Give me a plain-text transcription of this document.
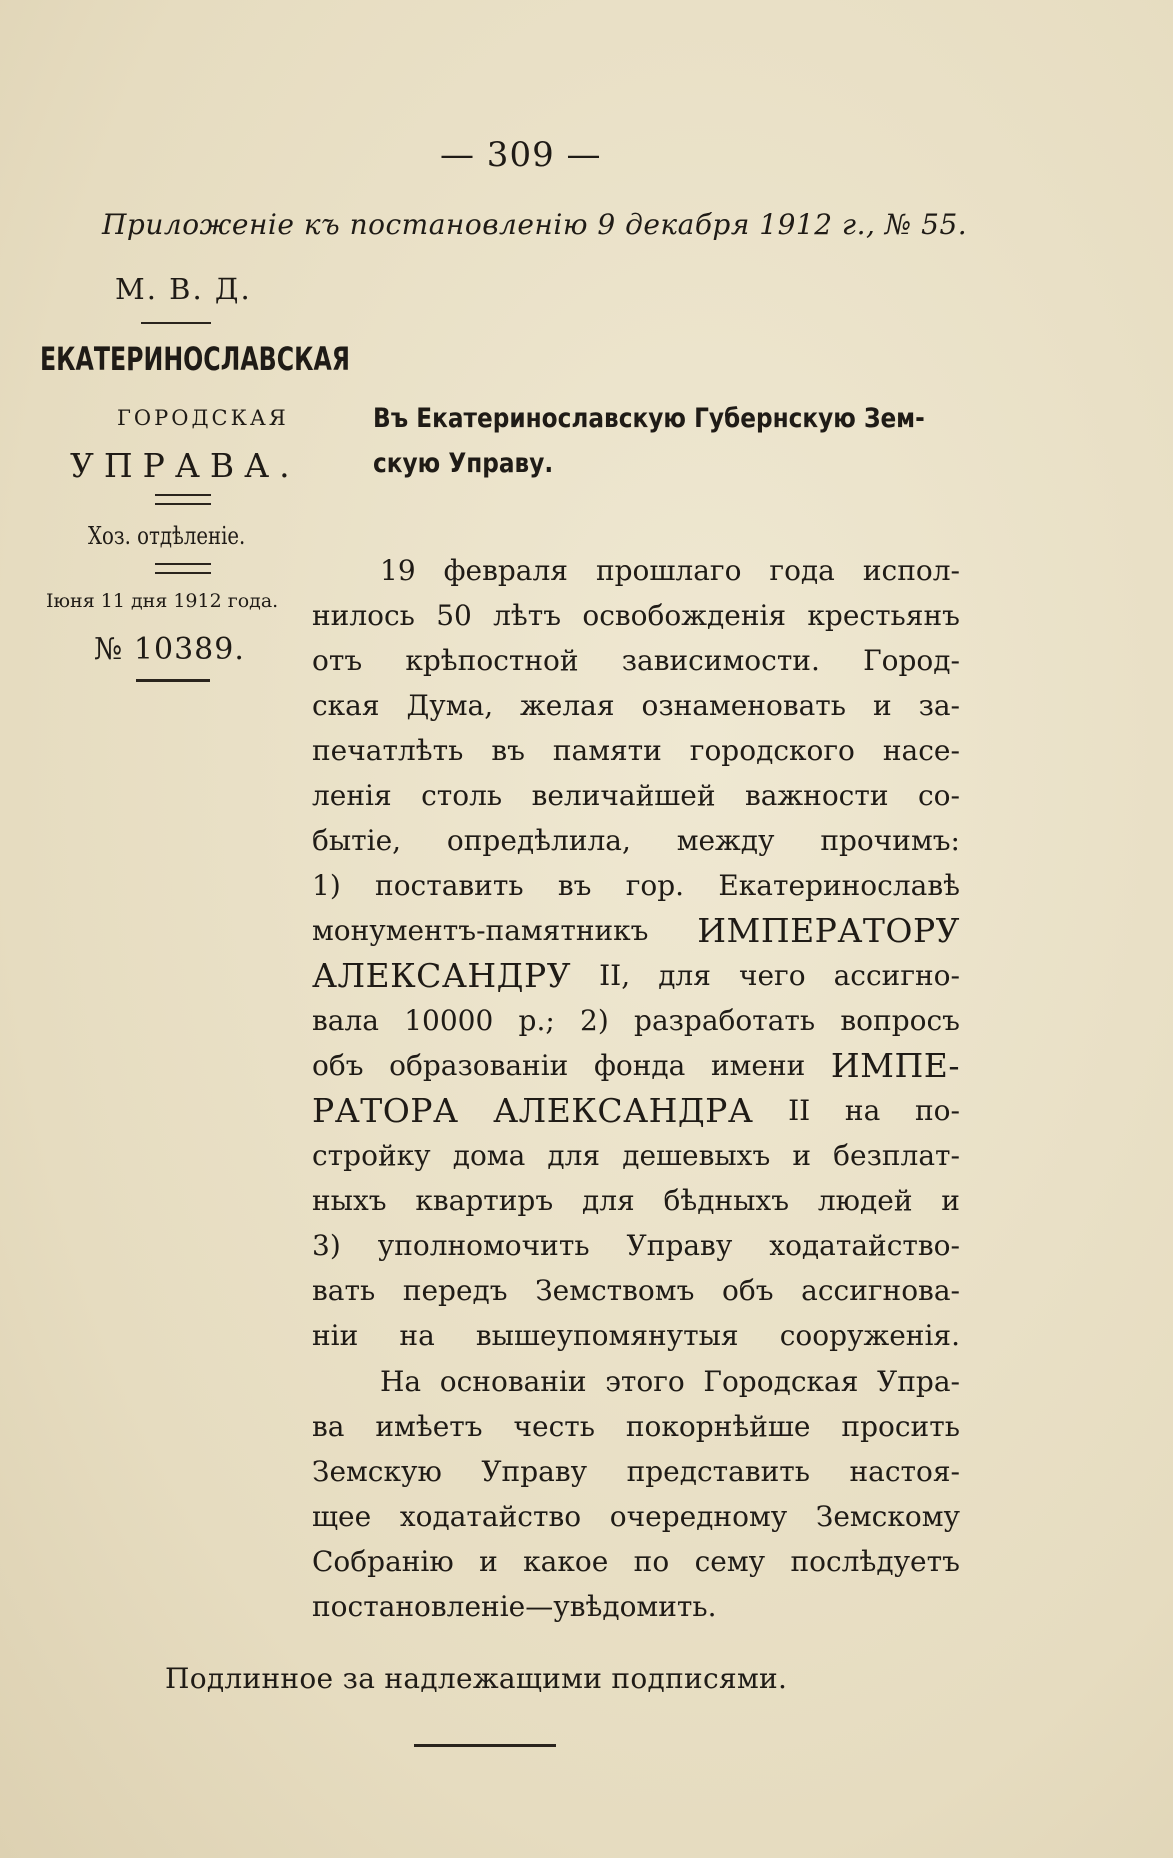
— 309 —
Приложеніе къ постановленію 9 декабря 1912 г., № 55.
М. В. Д.
ЕКАТЕРИНОСЛАВСКАЯ
ГОРОДСКАЯ
УПРАВА.
Хоз. отдѣленіе.
Іюня 11 дня 1912 года.
№ 10389.
Въ Екатеринославскую Губернскую Зем-
скую Управу.
19 февраля прошлаго года испол-
нилось 50 лѣтъ освобожденія крестьянъ
отъ крѣпостной зависимости. Город-
ская Дума, желая ознаменовать и за-
печатлѣть въ памяти городского насе-
ленія столь величайшей важности со-
бытіе, опредѣлила, между прочимъ:
1) поставить въ гор. Екатеринославѣ
монументъ-памятникъ ИМПЕРАТОРУ
АЛЕКСАНДРУ II, для чего ассигно-
вала 10000 р.; 2) разработать вопросъ
объ образованіи фонда имени ИМПЕ-
РАТОРА АЛЕКСАНДРА II на по-
стройку дома для дешевыхъ и безплат-
ныхъ квартиръ для бѣдныхъ людей и
3) уполномочить Управу ходатайство-
вать передъ Земствомъ объ ассигнова-
ніи на вышеупомянутыя сооруженія.
На основаніи этого Городская Упра-
ва имѣетъ честь покорнѣйше просить
Земскую Управу представить настоя-
щее ходатайство очередному Земскому
Собранію и какое по сему послѣдуетъ
постановленіе—увѣдомить.
Подлинное за надлежащими подписями.
